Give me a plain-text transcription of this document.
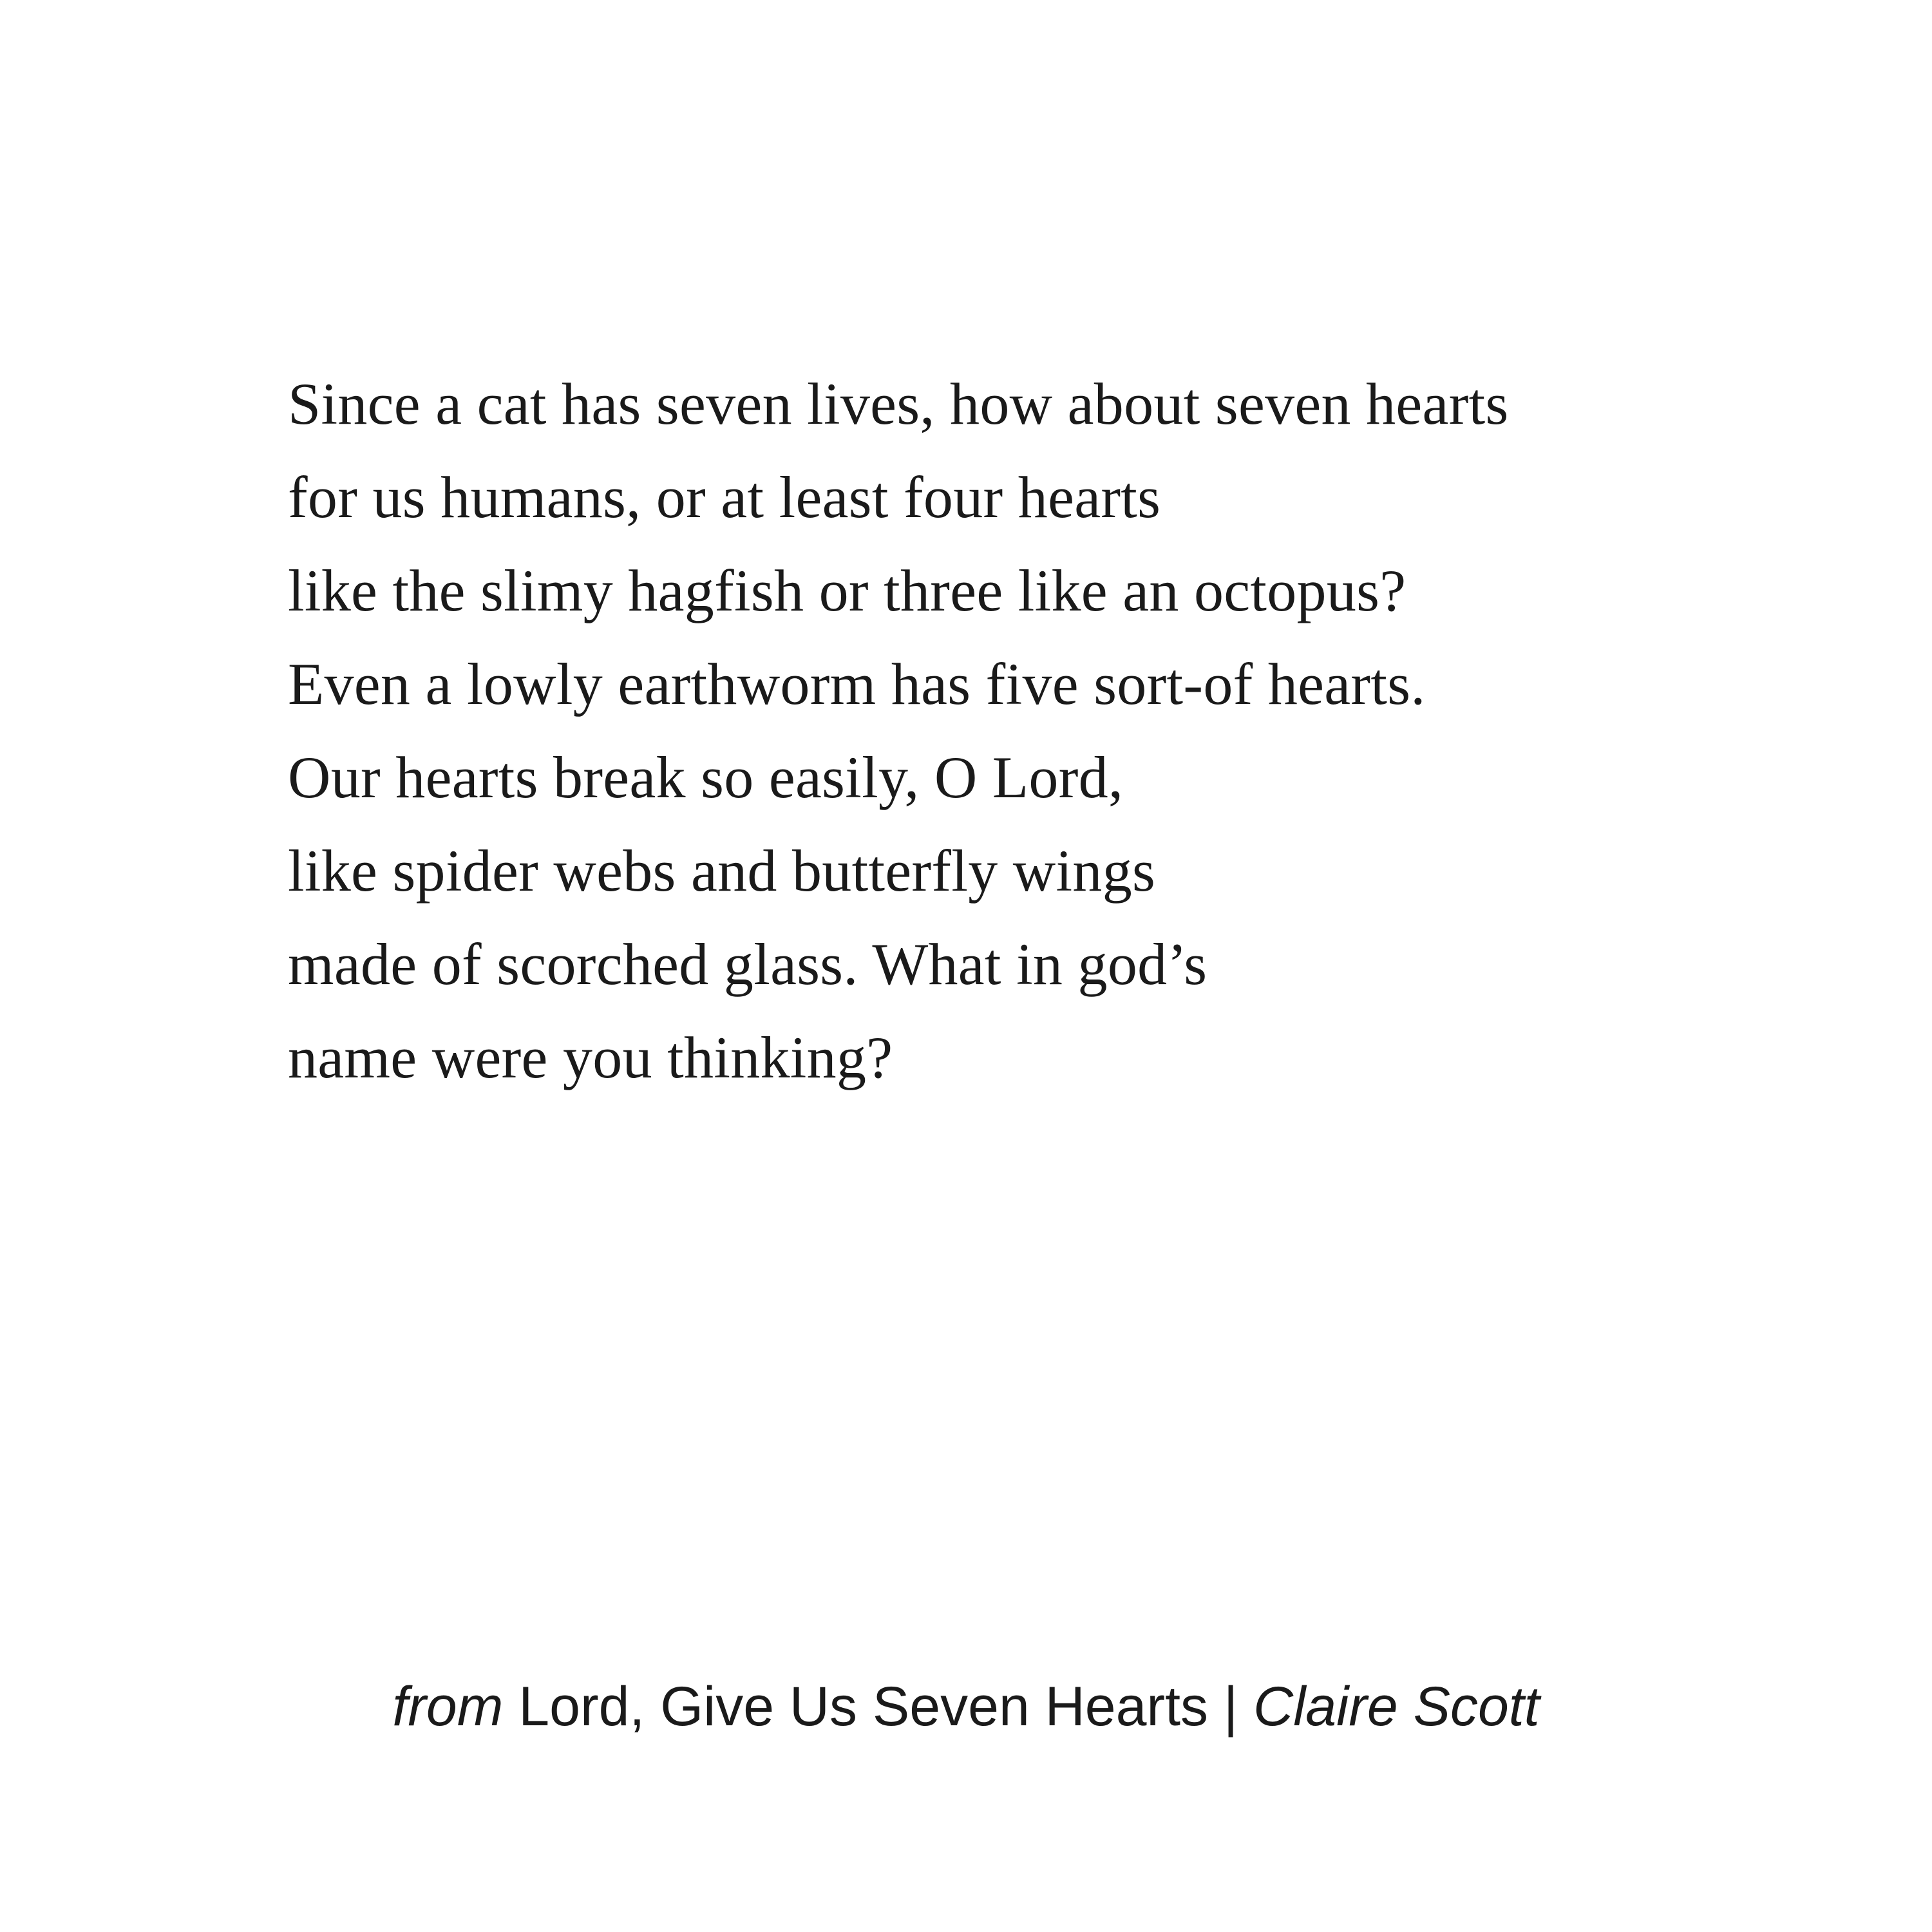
Since a cat has seven lives, how about seven hearts
for us humans, or at least four hearts
like the slimy hagfish or three like an octopus?
Even a lowly earthworm has five sort-of hearts.
Our hearts break so easily, O Lord,
like spider webs and butterfly wings
made of scorched glass. What in god’s
name were you thinking?
from Lord, Give Us Seven Hearts | Claire Scott
